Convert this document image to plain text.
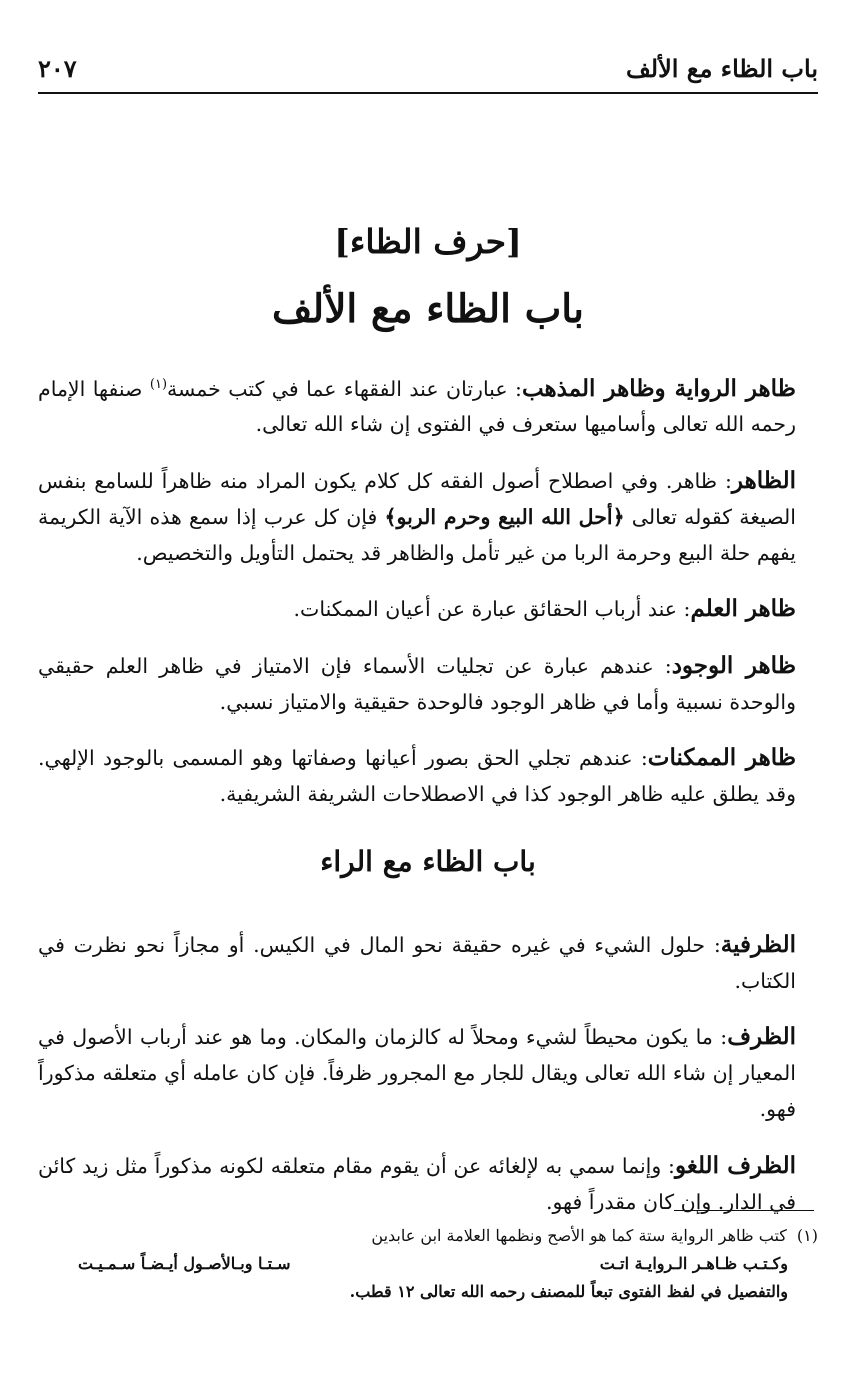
باب الظاء مع الألف
٢٠٧
[حرف الظاء]
باب الظاء مع الألف

ظاهر الرواية وظاهر المذهب: عبارتان عند الفقهاء عما في كتب خمسة$^{(١)}$ صنفها الإمام رحمه الله تعالى وأساميها ستعرف في الفتوى إن شاء الله تعالى.

الظاهر: ظاهر. وفي اصطلاح أصول الفقه كل كلام يكون المراد منه ظاهراً للسامع بنفس الصيغة كقوله تعالى ﴿أحل الله البيع وحرم الربو﴾ فإن كل عرب إذا سمع هذه الآية الكريمة يفهم حلة البيع وحرمة الربا من غير تأمل والظاهر قد يحتمل التأويل والتخصيص.

ظاهر العلم: عند أرباب الحقائق عبارة عن أعيان الممكنات.

ظاهر الوجود: عندهم عبارة عن تجليات الأسماء فإن الامتياز في ظاهر العلم حقيقي والوحدة نسبية وأما في ظاهر الوجود فالوحدة حقيقية والامتياز نسبي.

ظاهر الممكنات: عندهم تجلي الحق بصور أعيانها وصفاتها وهو المسمى بالوجود الإلهي. وقد يطلق عليه ظاهر الوجود كذا في الاصطلاحات الشريفة الشريفية.

باب الظاء مع الراء

الظرفية: حلول الشيء في غيره حقيقة نحو المال في الكيس. أو مجازاً نحو نظرت في الكتاب.

الظرف: ما يكون محيطاً لشيء ومحلاً له كالزمان والمكان. وما هو عند أرباب الأصول في المعيار إن شاء الله تعالى ويقال للجار مع المجرور ظرفاً. فإن كان عامله أي متعلقه مذكوراً فهو.

الظرف اللغو: وإنما سمي به لإلغائه عن أن يقوم مقام متعلقه لكونه مذكوراً مثل زيد كائن في الدار. وإن كان مقدراً فهو.

(١)كتب ظاهر الرواية ستة كما هو الأصح ونظمها العلامة ابن عابدين
وكـتـب ظـاهـر الـروايـة اتـت
سـتـا وبـالأصـول أيـضـاً سـمـيـت
والتفصيل في لفظ الفتوى تبعاً للمصنف رحمه الله تعالى ١٢ قطب.
